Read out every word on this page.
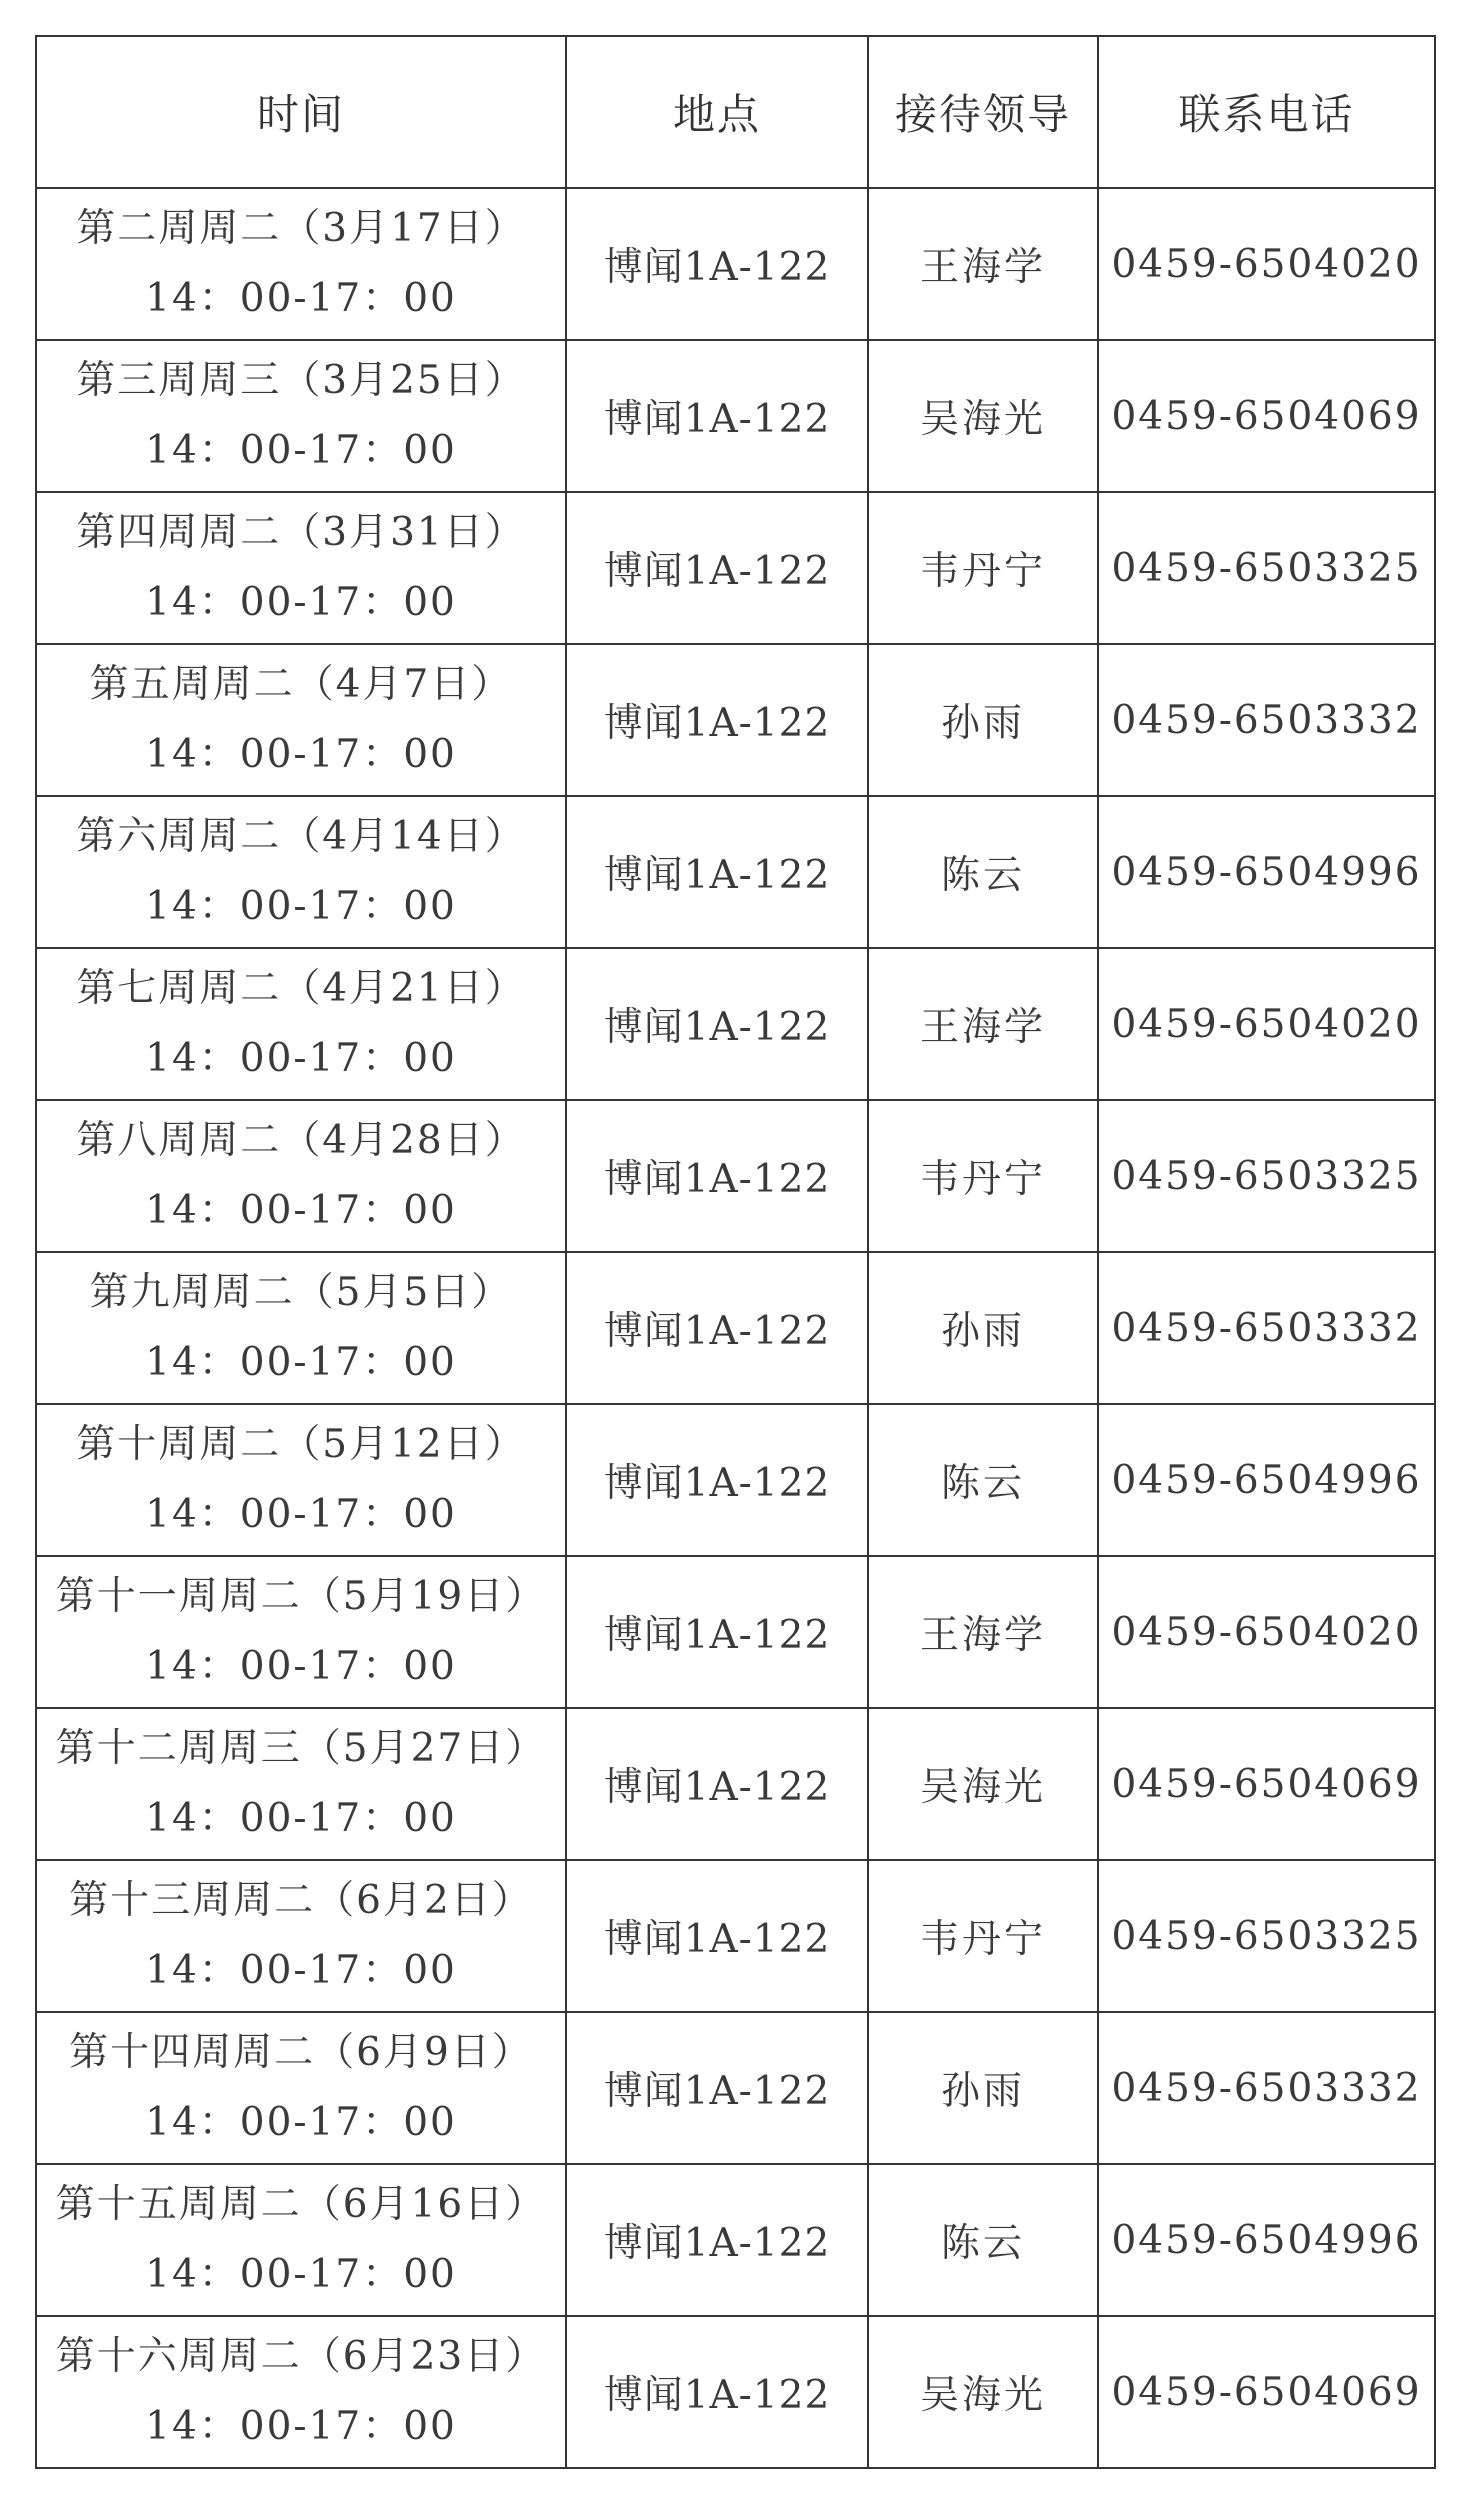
时间	地点	接待领导	联系电话

第二周周二（3月17日）
14：00-17：00	博闻1A-122	王海学	0459-6504020

第三周周三（3月25日）
14：00-17：00	博闻1A-122	吴海光	0459-6504069

第四周周二（3月31日）
14：00-17：00	博闻1A-122	韦丹宁	0459-6503325

第五周周二（4月7日）
14：00-17：00	博闻1A-122	孙雨	0459-6503332

第六周周二（4月14日）
14：00-17：00	博闻1A-122	陈云	0459-6504996

第七周周二（4月21日）
14：00-17：00	博闻1A-122	王海学	0459-6504020

第八周周二（4月28日）
14：00-17：00	博闻1A-122	韦丹宁	0459-6503325

第九周周二（5月5日）
14：00-17：00	博闻1A-122	孙雨	0459-6503332

第十周周二（5月12日）
14：00-17：00	博闻1A-122	陈云	0459-6504996

第十一周周二（5月19日）
14：00-17：00	博闻1A-122	王海学	0459-6504020

第十二周周三（5月27日）
14：00-17：00	博闻1A-122	吴海光	0459-6504069

第十三周周二（6月2日）
14：00-17：00	博闻1A-122	韦丹宁	0459-6503325

第十四周周二（6月9日）
14：00-17：00	博闻1A-122	孙雨	0459-6503332

第十五周周二（6月16日）
14：00-17：00	博闻1A-122	陈云	0459-6504996

第十六周周二（6月23日）
14：00-17：00	博闻1A-122	吴海光	0459-6504069
